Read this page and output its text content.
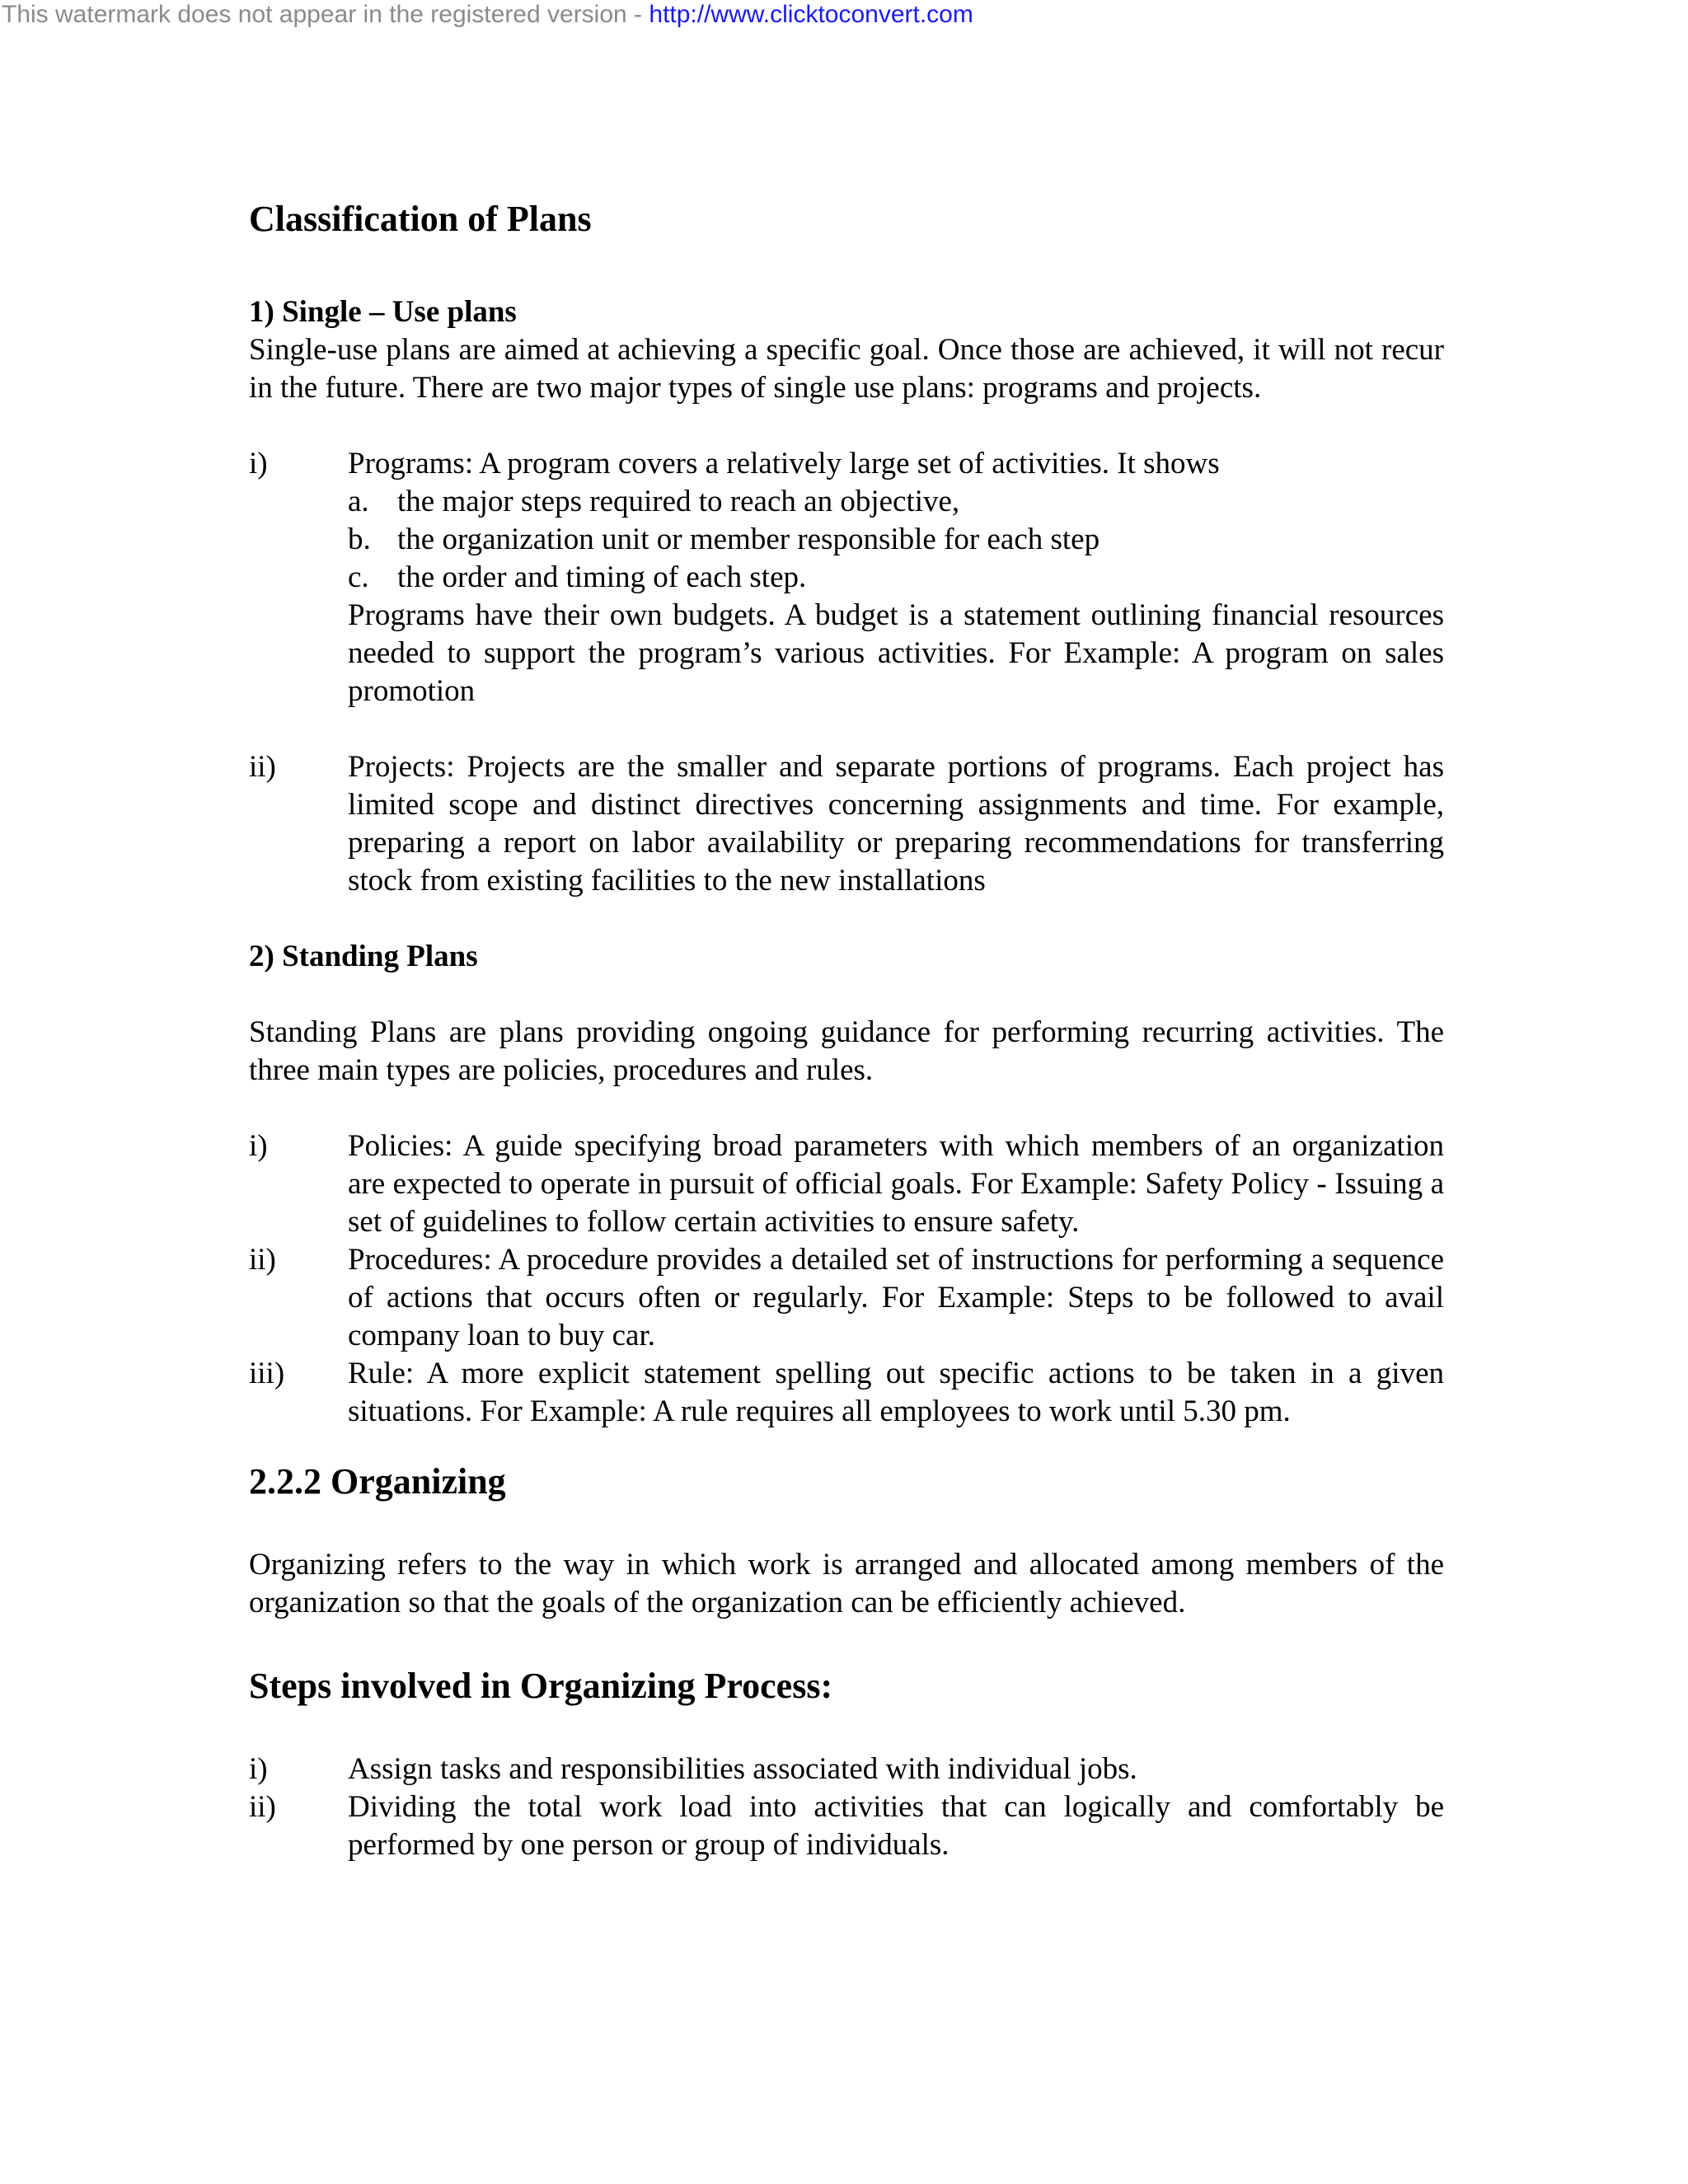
This watermark does not appear in the registered version - http://www.clicktoconvert.com
Classification of Plans
1) Single – Use plans

Single-use plans are aimed at achieving a specific goal. Once those are achieved, it will not recur in the future. There are two major types of single use plans: programs and projects.

i)	Programs: A program covers a relatively large set of activities. It shows
a. the major steps required to reach an objective,
b. the organization unit or member responsible for each step
c. the order and timing of each step.
Programs have their own budgets. A budget is a statement outlining financial resources needed to support the program’s various activities. For Example: A program on sales promotion
ii)	Projects: Projects are the smaller and separate portions of programs. Each project has limited scope and distinct directives concerning assignments and time. For example, preparing a report on labor availability or preparing recommendations for transferring stock from existing facilities to the new installations
2) Standing Plans

Standing Plans are plans providing ongoing guidance for performing recurring activities. The three main types are policies, procedures and rules.

i)	Policies: A guide specifying broad parameters with which members of an organization are expected to operate in pursuit of official goals. For Example: Safety Policy - Issuing a set of guidelines to follow certain activities to ensure safety.
ii)	Procedures: A procedure provides a detailed set of instructions for performing a sequence of actions that occurs often or regularly. For Example: Steps to be followed to avail company loan to buy car.
iii)	Rule: A more explicit statement spelling out specific actions to be taken in a given situations. For Example: A rule requires all employees to work until 5.30 pm.
2.2.2 Organizing

Organizing refers to the way in which work is arranged and allocated among members of the organization so that the goals of the organization can be efficiently achieved.

Steps involved in Organizing Process:
i)	Assign tasks and responsibilities associated with individual jobs.
ii)	Dividing the total work load into activities that can logically and comfortably be performed by one person or group of individuals.
